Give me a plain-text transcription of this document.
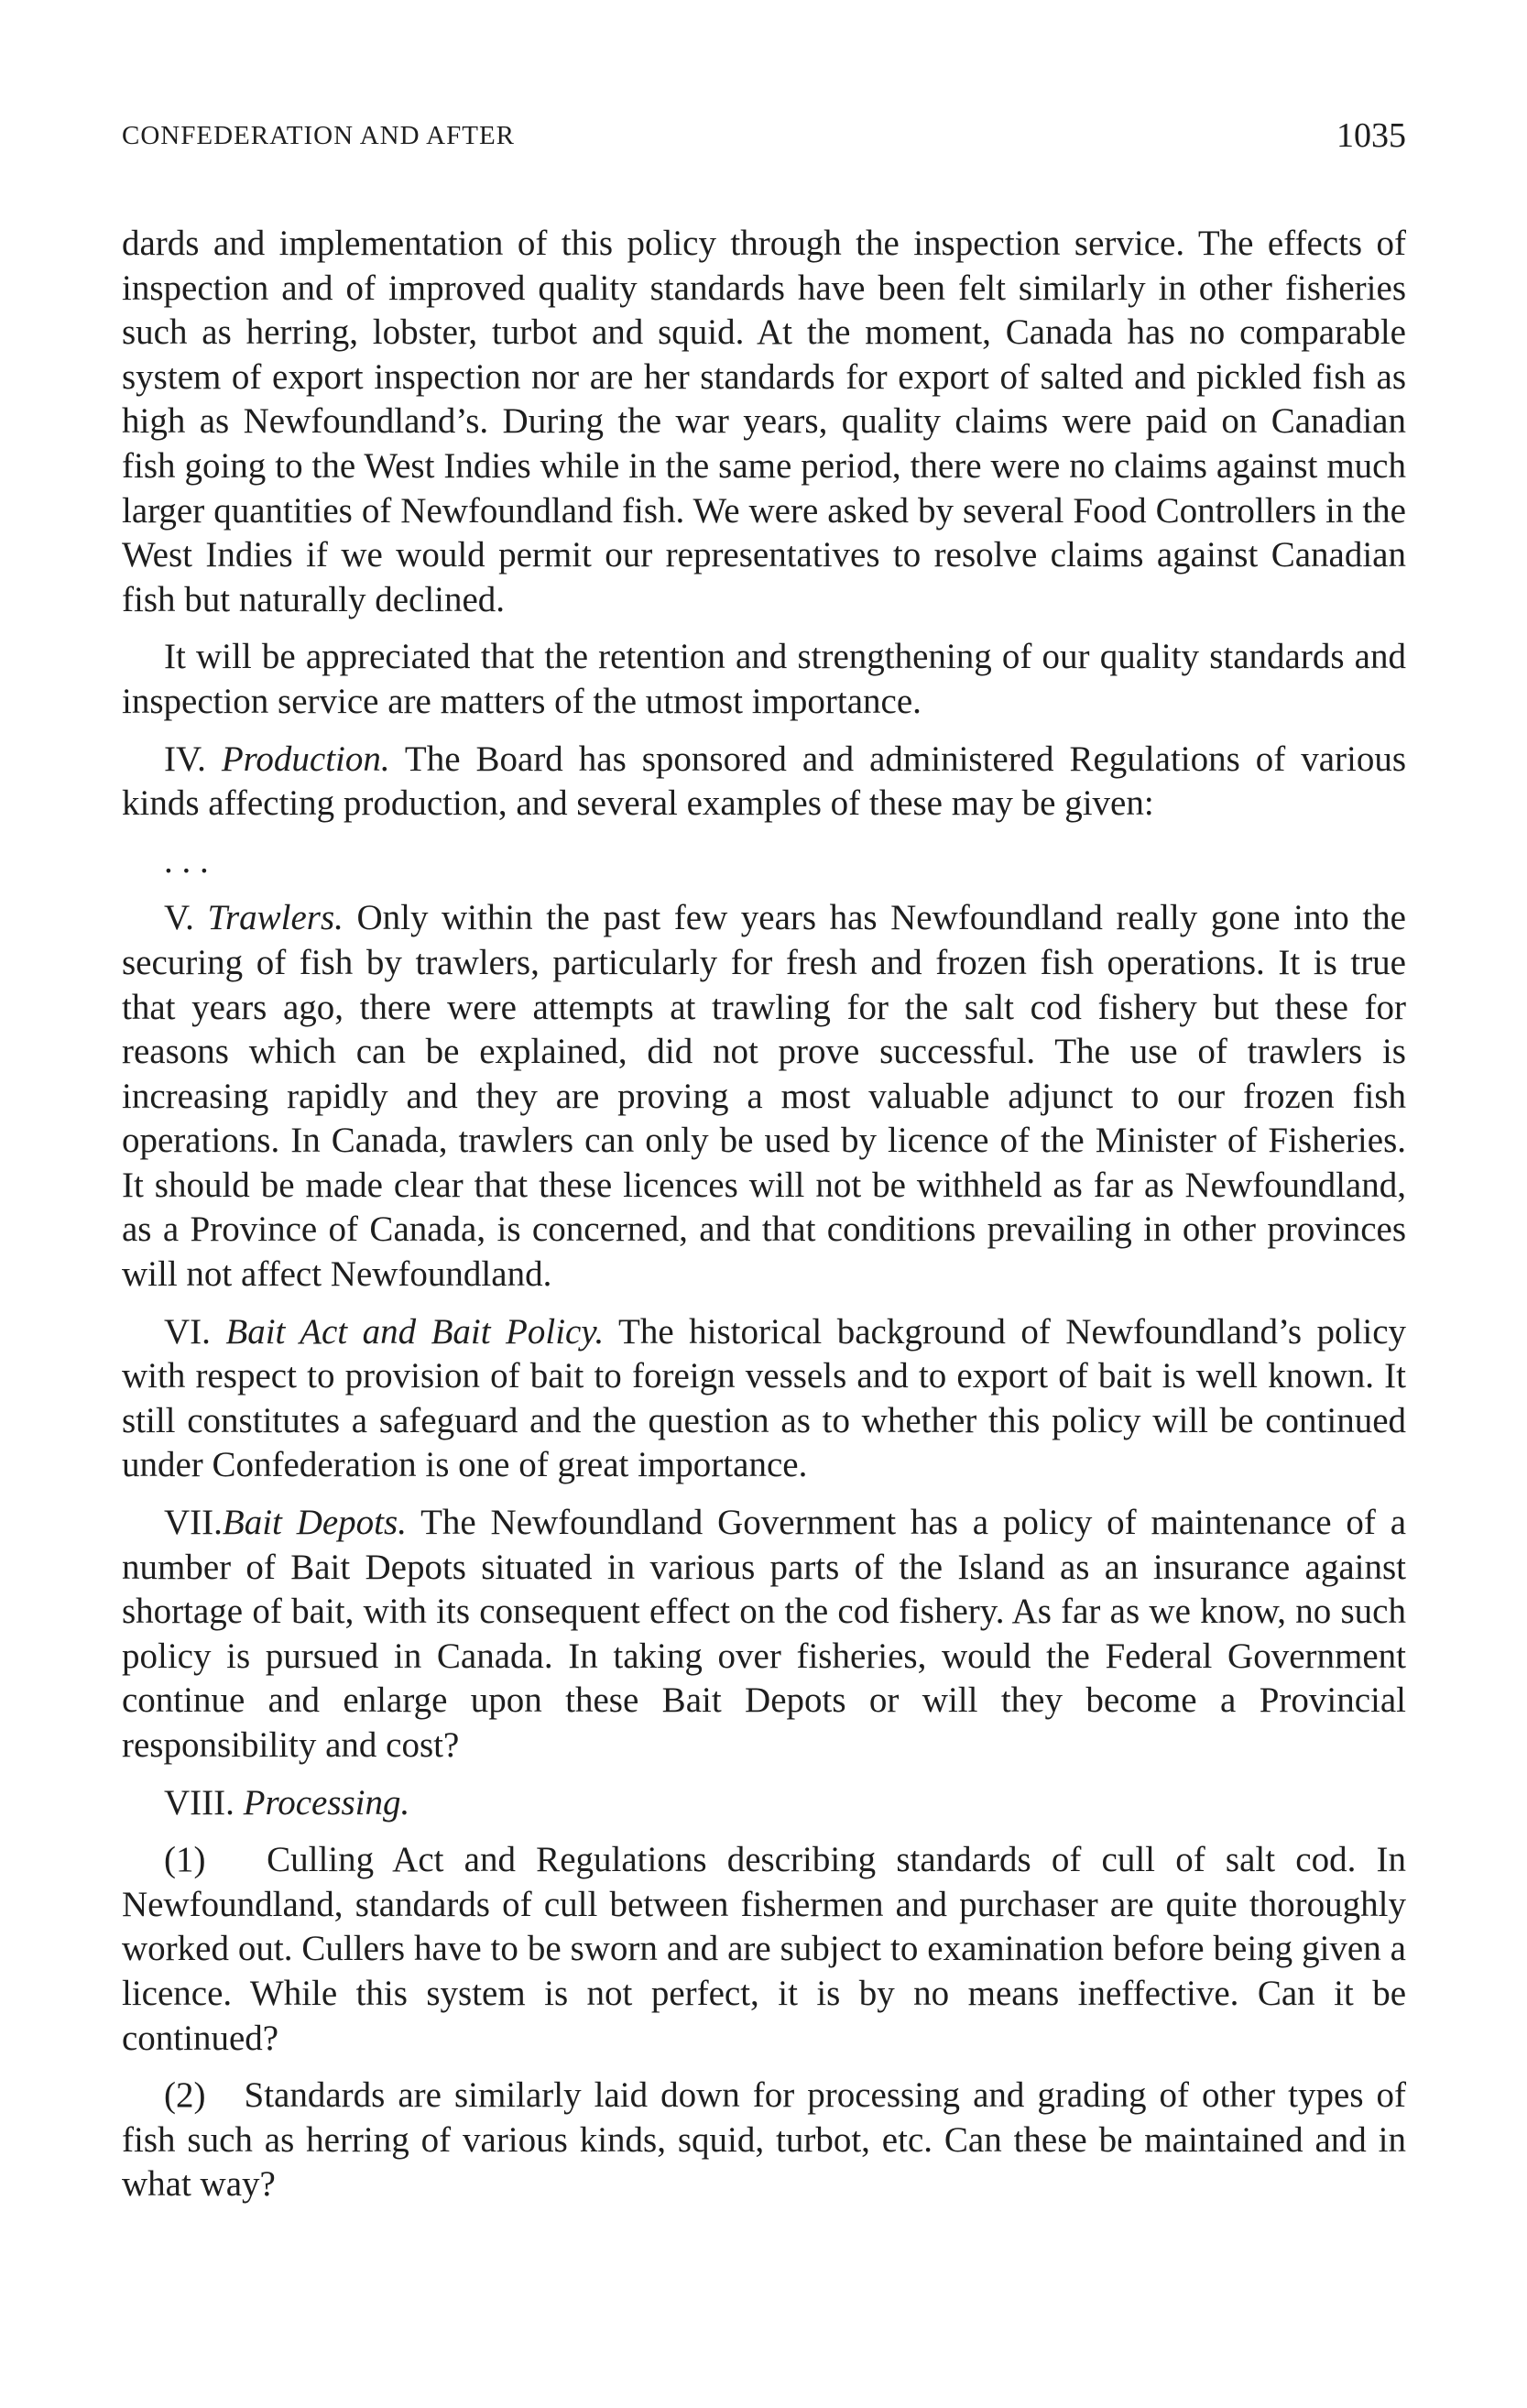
CONFEDERATION AND AFTER	1035

dards and implementation of this policy through the inspection service. The effects of inspection and of improved quality standards have been felt similarly in other fisheries such as herring, lobster, turbot and squid. At the moment, Canada has no comparable system of export inspection nor are her standards for export of salted and pickled fish as high as Newfoundland’s. During the war years, quality claims were paid on Canadian fish going to the West Indies while in the same period, there were no claims against much larger quantities of Newfoundland fish. We were asked by several Food Controllers in the West Indies if we would permit our representatives to resolve claims against Canadian fish but naturally declined.

It will be appreciated that the retention and strengthening of our quality standards and inspection service are matters of the utmost importance.

IV. Production. The Board has sponsored and administered Regulations of various kinds affecting production, and several examples of these may be given:

. . .

V. Trawlers. Only within the past few years has Newfoundland really gone into the securing of fish by trawlers, particularly for fresh and frozen fish operations. It is true that years ago, there were attempts at trawling for the salt cod fishery but these for reasons which can be explained, did not prove successful. The use of trawlers is increasing rapidly and they are proving a most valuable adjunct to our frozen fish operations. In Canada, trawlers can only be used by licence of the Minister of Fisheries. It should be made clear that these licences will not be withheld as far as Newfoundland, as a Province of Canada, is concerned, and that conditions prevailing in other provinces will not affect Newfoundland.

VI. Bait Act and Bait Policy. The historical background of Newfoundland’s policy with respect to provision of bait to foreign vessels and to export of bait is well known. It still constitutes a safeguard and the question as to whether this policy will be continued under Confederation is one of great importance.

VII.Bait Depots. The Newfoundland Government has a policy of maintenance of a number of Bait Depots situated in various parts of the Island as an insurance against shortage of bait, with its consequent effect on the cod fishery. As far as we know, no such policy is pursued in Canada. In taking over fisheries, would the Federal Government continue and enlarge upon these Bait Depots or will they become a Provincial responsibility and cost?

VIII. Processing.

(1) Culling Act and Regulations describing standards of cull of salt cod. In Newfoundland, standards of cull between fishermen and purchaser are quite thoroughly worked out. Cullers have to be sworn and are subject to examination before being given a licence. While this system is not perfect, it is by no means ineffective. Can it be continued?

(2) Standards are similarly laid down for processing and grading of other types of fish such as herring of various kinds, squid, turbot, etc. Can these be maintained and in what way?
